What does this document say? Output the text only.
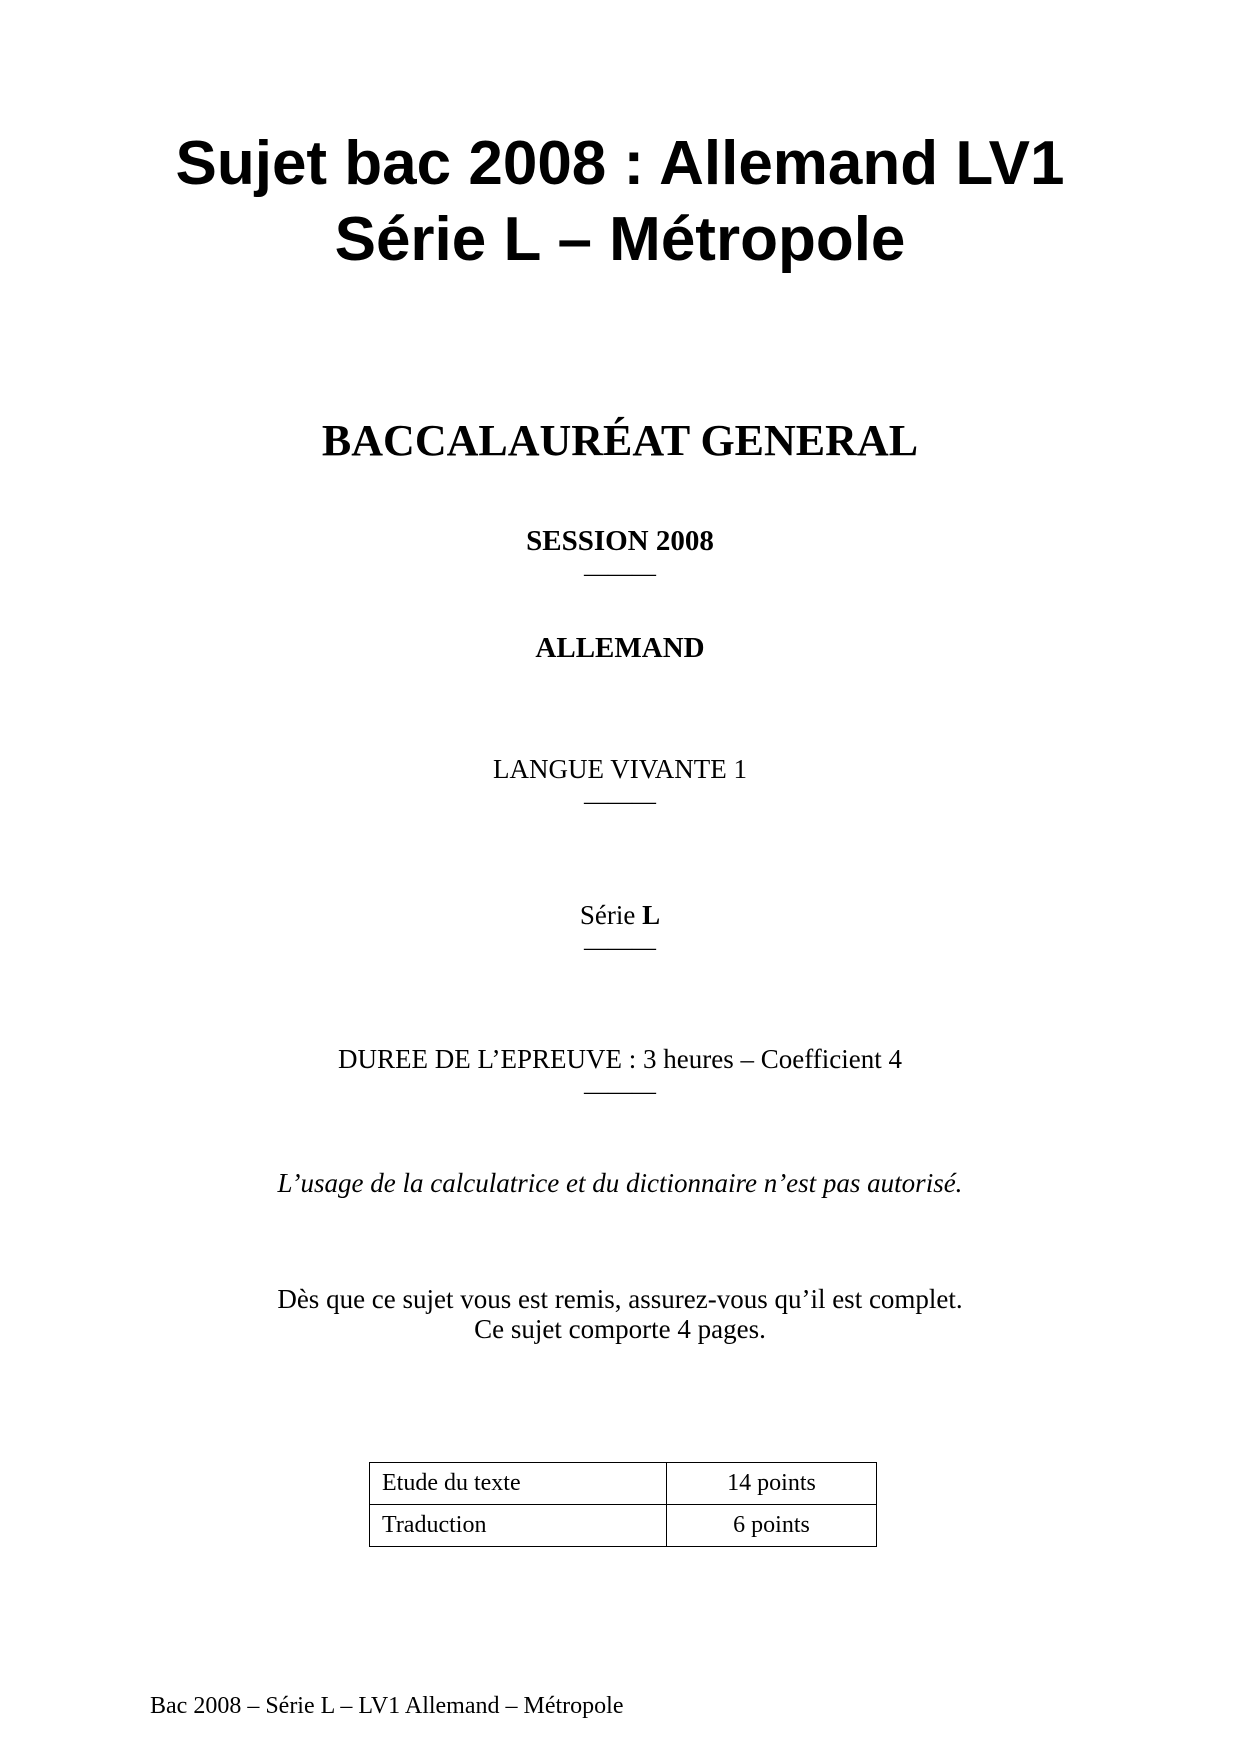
Sujet bac 2008 : Allemand LV1
Série L – Métropole
BACCALAURÉAT GENERAL
SESSION 2008
———
ALLEMAND
LANGUE VIVANTE 1
———
Série L
———
DUREE DE L’EPREUVE : 3 heures – Coefficient 4
———
L’usage de la calculatrice et du dictionnaire n’est pas autorisé.
Dès que ce sujet vous est remis, assurez-vous qu’il est complet.
Ce sujet comporte 4 pages.
Etude du texte	14 points
Traduction	6 points
Bac 2008 – Série L – LV1 Allemand – Métropole
